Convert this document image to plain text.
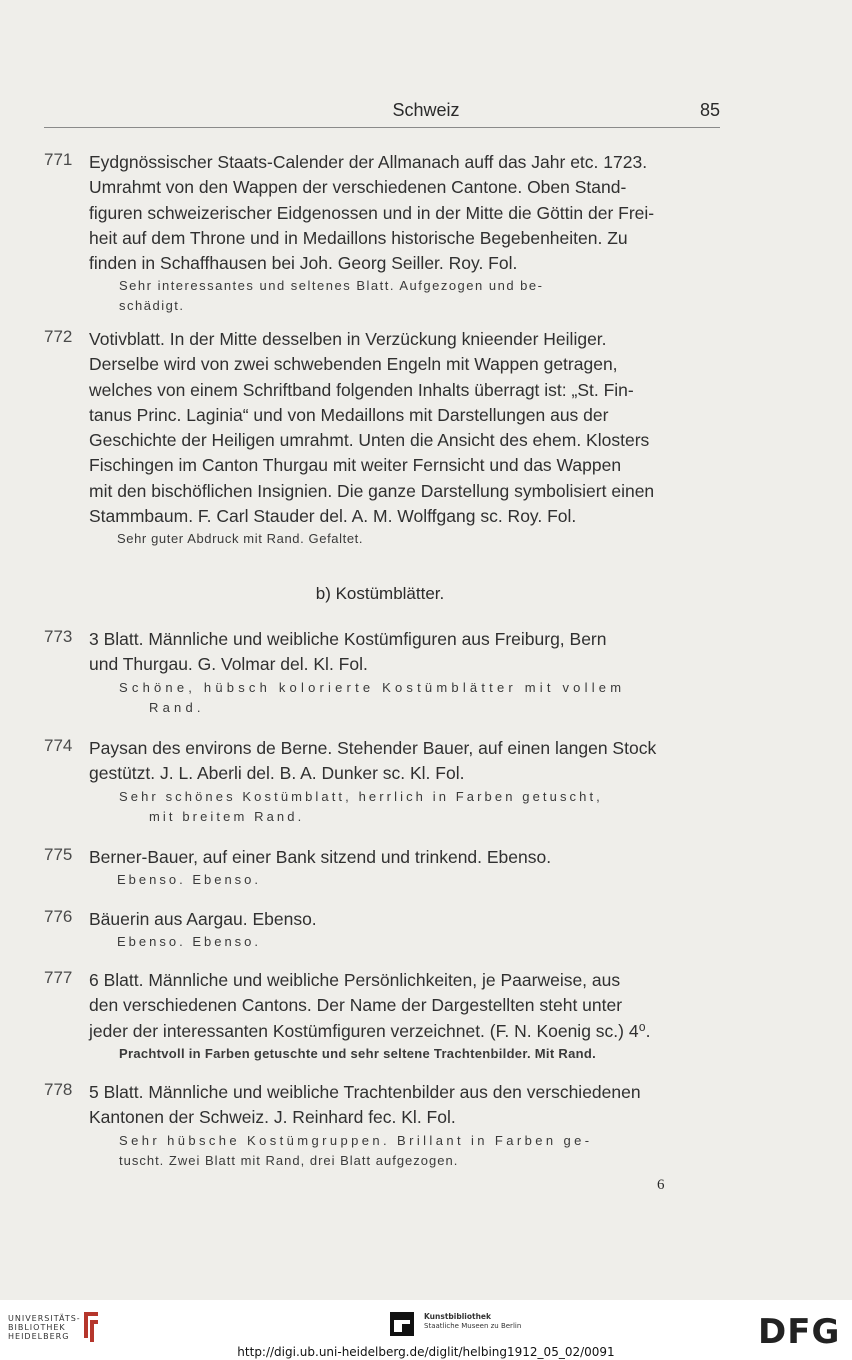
Schweiz	85
771 Eydgnössischer Staats-Calender der Allmanach auff das Jahr etc. 1723.

Umrahmt von den Wappen der verschiedenen Cantone. Oben Stand-

figuren schweizerischer Eidgenossen und in der Mitte die Göttin der Frei-

heit auf dem Throne und in Medaillons historische Begebenheiten. Zu

finden in Schaffhausen bei Joh. Georg Seiller. Roy. Fol.

Sehr interessantes und seltenes Blatt. Aufgezogen und be-
schädigt.
772 Votivblatt. In der Mitte desselben in Verzückung knieender Heiliger.

Derselbe wird von zwei schwebenden Engeln mit Wappen getragen,

welches von einem Schriftband folgenden Inhalts überragt ist: „St. Fin-

tanus Princ. Laginia“ und von Medaillons mit Darstellungen aus der

Geschichte der Heiligen umrahmt. Unten die Ansicht des ehem. Klosters

Fischingen im Canton Thurgau mit weiter Fernsicht und das Wappen

mit den bischöflichen Insignien. Die ganze Darstellung symbolisiert einen

Stammbaum. F. Carl Stauder del. A. M. Wolffgang sc. Roy. Fol.

Sehr guter Abdruck mit Rand. Gefaltet.
b) Kostümblätter.
773 3 Blatt. Männliche und weibliche Kostümfiguren aus Freiburg, Bern

und Thurgau. G. Volmar del. Kl. Fol.

Schöne, hübsch kolorierte Kostümblätter mit vollem
Rand.
774 Paysan des environs de Berne. Stehender Bauer, auf einen langen Stock

gestützt. J. L. Aberli del. B. A. Dunker sc. Kl. Fol.

Sehr schönes Kostümblatt, herrlich in Farben getuscht,
mit breitem Rand.
775 Berner-Bauer, auf einer Bank sitzend und trinkend. Ebenso.

Ebenso. Ebenso.
776 Bäuerin aus Aargau. Ebenso.

Ebenso. Ebenso.
777 6 Blatt. Männliche und weibliche Persönlichkeiten, je Paarweise, aus

den verschiedenen Cantons. Der Name der Dargestellten steht unter

jeder der interessanten Kostümfiguren verzeichnet. (F. N. Koenig sc.) 4⁰.

Prachtvoll in Farben getuschte und sehr seltene Trachtenbilder. Mit Rand.
778 5 Blatt. Männliche und weibliche Trachtenbilder aus den verschiedenen

Kantonen der Schweiz. J. Reinhard fec. Kl. Fol.

Sehr hübsche Kostümgruppen. Brillant in Farben ge-
tuscht. Zwei Blatt mit Rand, drei Blatt aufgezogen.
6
UNIVERSITÄTS-
BIBLIOTHEK
HEIDELBERG
Kunstbibliothek
Staatliche Museen zu Berlin	DFG
http://digi.ub.uni-heidelberg.de/diglit/helbing1912_05_02/0091
